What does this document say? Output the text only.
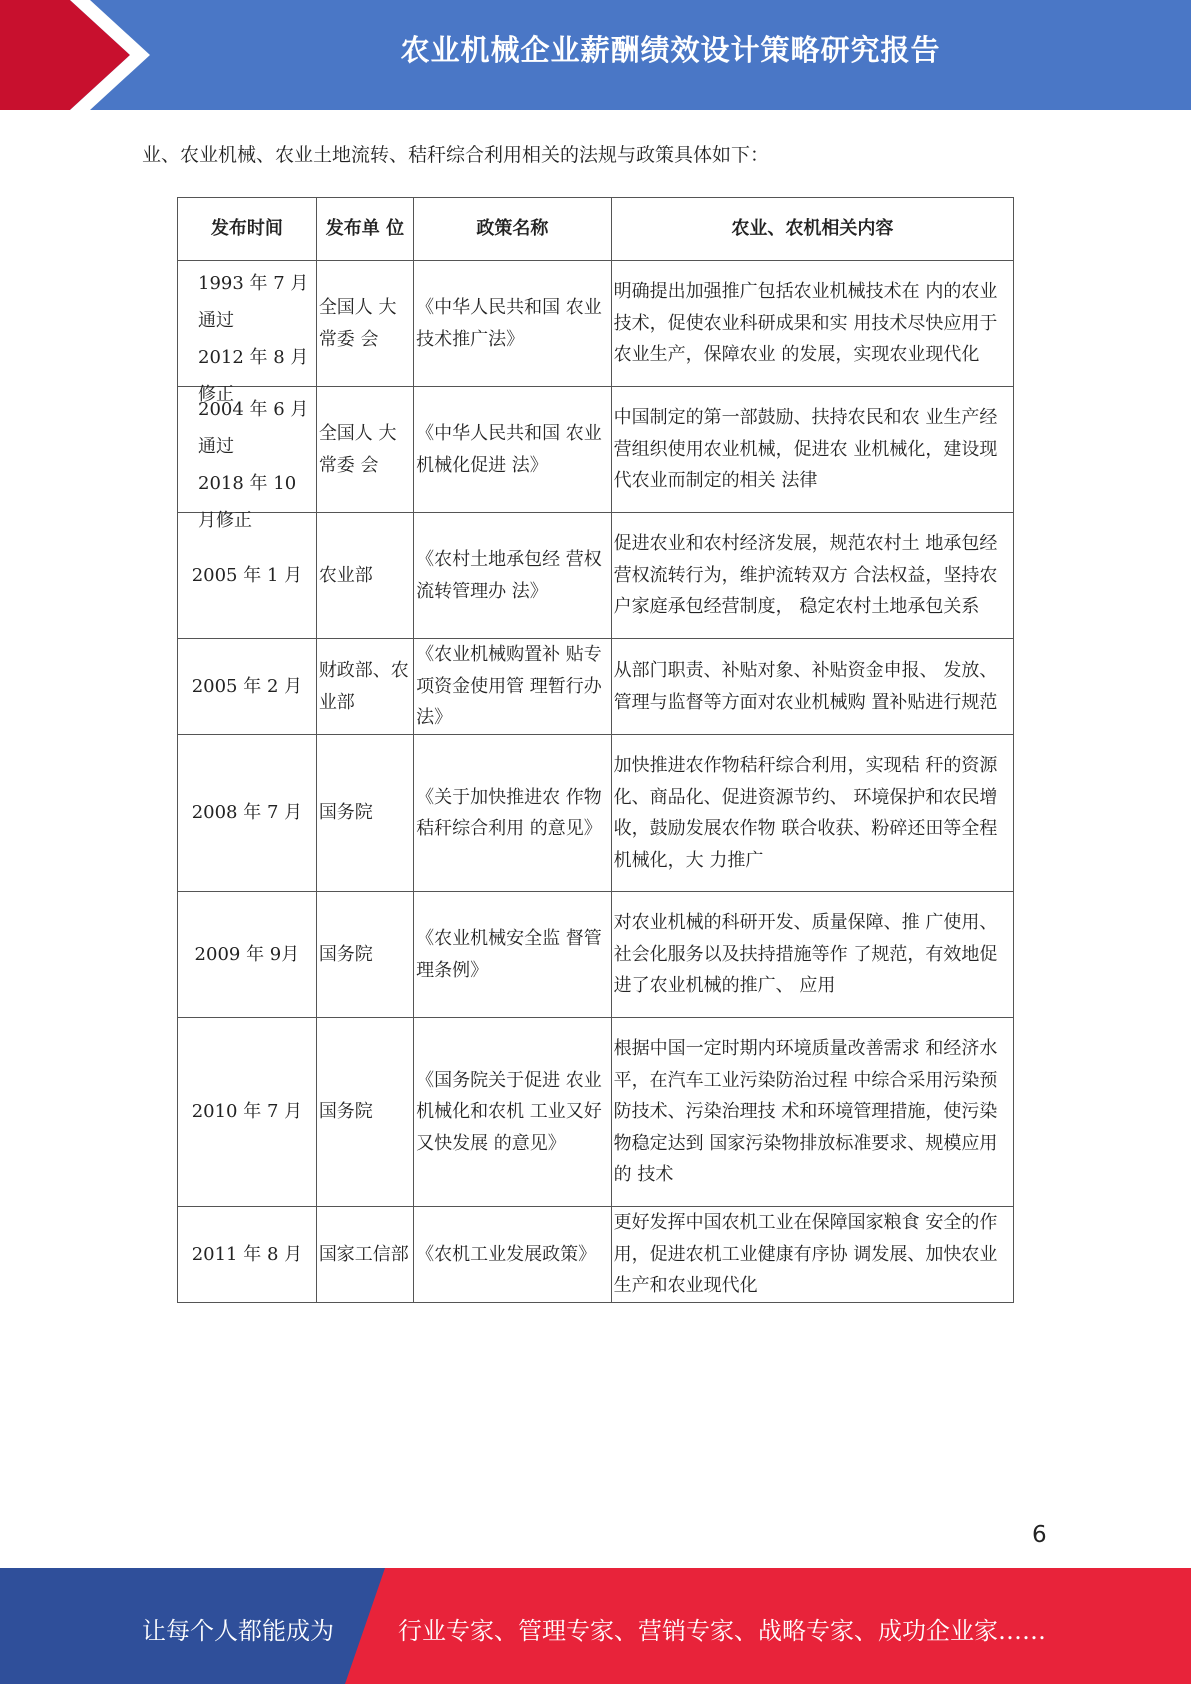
农业机械企业薪酬绩效设计策略研究报告
业、农业机械、农业土地流转、秸秆综合利用相关的法规与政策具体如下：
发布时间	发布单 位	政策名称	农业、农机相关内容

1993 年 7 月
通过
2012 年 8 月
修正	全国人 大常委 会	《中华人民共和国 农业技术推广法》	明确提出加强推广包括农业机械技术在 内的农业技术，促使农业科研成果和实 用技术尽快应用于农业生产，保障农业 的发展，实现农业现代化

2004 年 6 月
通过
2018 年 10
月修正	全国人 大常委 会	《中华人民共和国 农业机械化促进 法》	中国制定的第一部鼓励、扶持农民和农 业生产经营组织使用农业机械，促进农 业机械化，建设现代农业而制定的相关 法律
2005 年 1 月	农业部	《农村土地承包经 营权流转管理办 法》	促进农业和农村经济发展，规范农村土 地承包经营权流转行为，维护流转双方 合法权益，坚持农户家庭承包经营制度， 稳定农村土地承包关系
2005 年 2 月	财政部、农业部	《农业机械购置补 贴专项资金使用管 理暂行办法》	从部门职责、补贴对象、补贴资金申报、 发放、管理与监督等方面对农业机械购 置补贴进行规范
2008 年 7 月	国务院	《关于加快推进农 作物秸秆综合利用 的意见》	加快推进农作物秸秆综合利用，实现秸 秆的资源化、商品化、促进资源节约、 环境保护和农民增收，鼓励发展农作物 联合收获、粉碎还田等全程机械化，大 力推广
2009 年 9月	国务院	《农业机械安全监 督管理条例》	对农业机械的科研开发、质量保障、推 广使用、社会化服务以及扶持措施等作 了规范，有效地促进了农业机械的推广、 应用
2010 年 7 月	国务院	《国务院关于促进 农业机械化和农机 工业又好又快发展 的意见》	根据中国一定时期内环境质量改善需求 和经济水平，在汽车工业污染防治过程 中综合采用污染预防技术、污染治理技 术和环境管理措施，使污染物稳定达到 国家污染物排放标准要求、规模应用的 技术
2011 年 8 月	国家工信部	《农机工业发展政策》	更好发挥中国农机工业在保障国家粮食 安全的作用，促进农机工业健康有序协 调发展、加快农业生产和农业现代化
6
让每个人都能成为	行业专家、管理专家、营销专家、战略专家、成功企业家……
